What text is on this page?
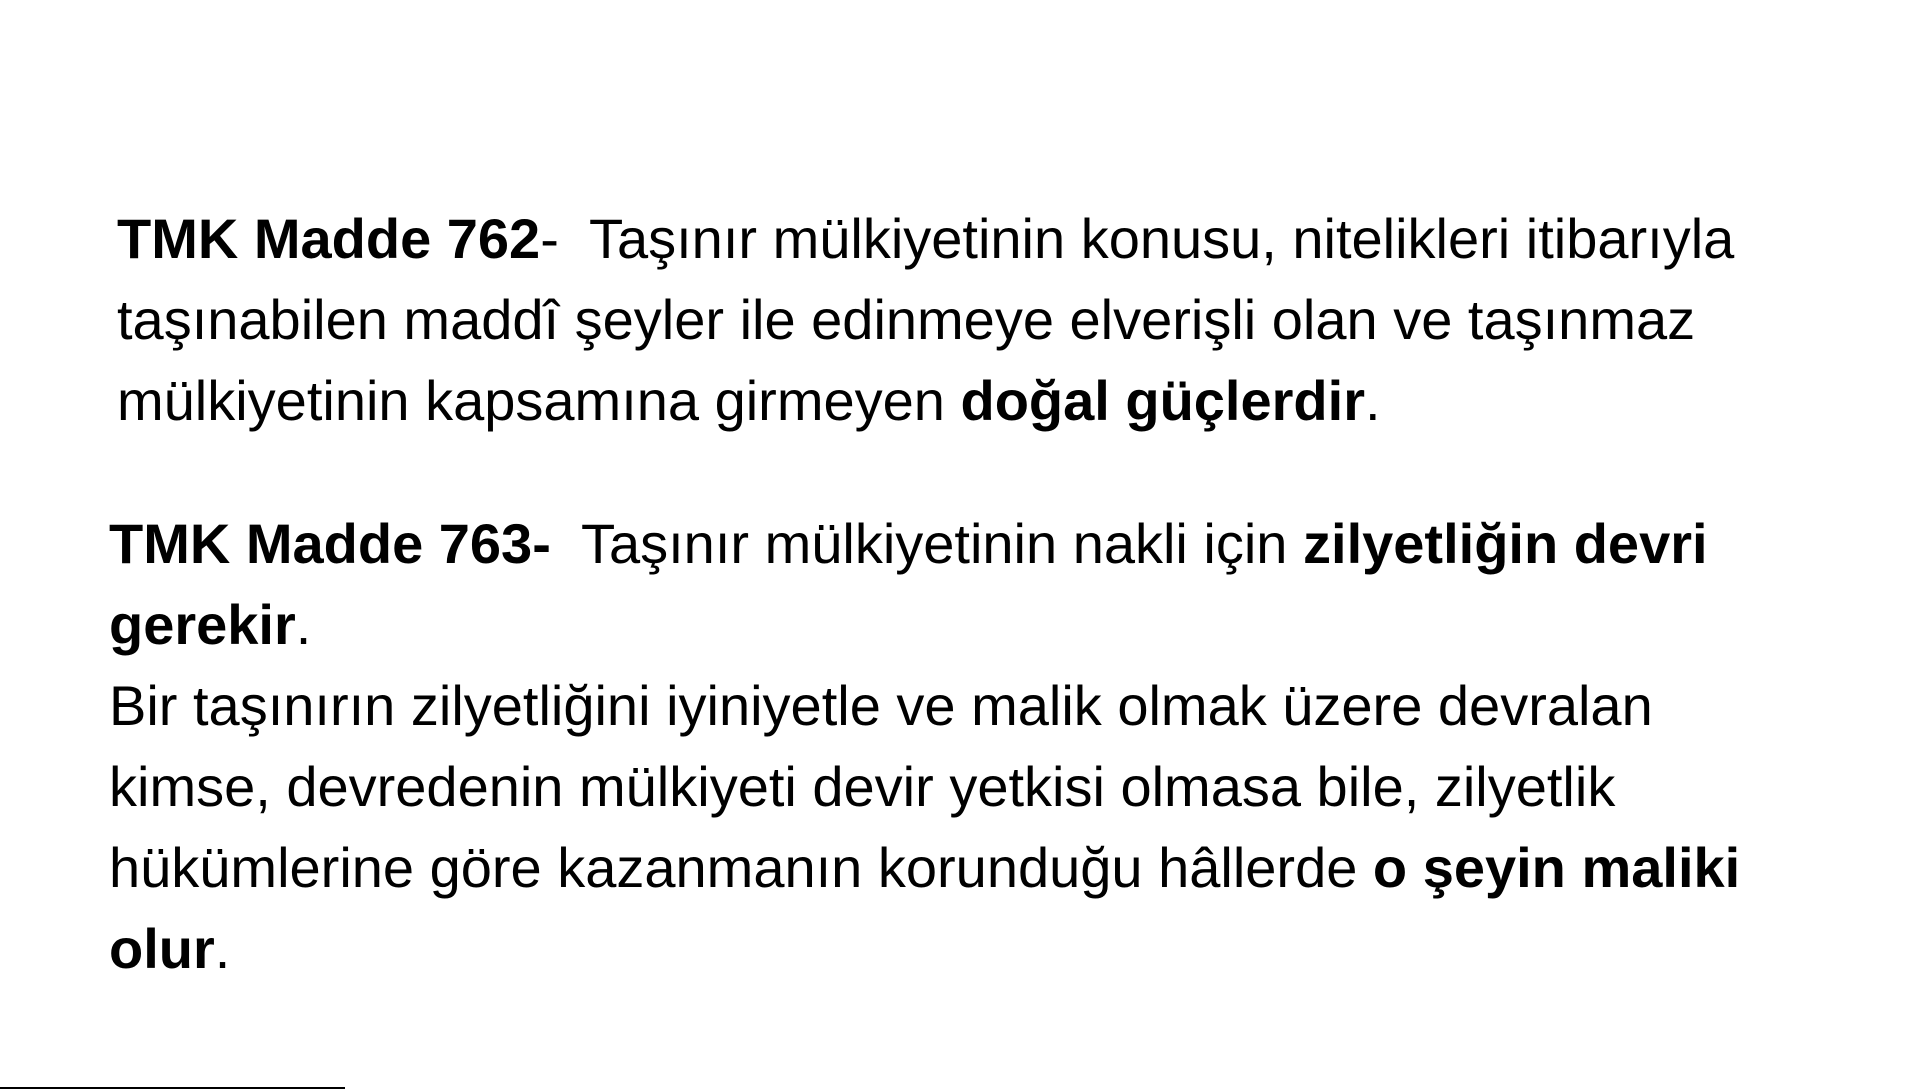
TMK Madde 762-  Taşınır mülkiyetinin konusu, nitelikleri itibarıyla
taşınabilen maddî şeyler ile edinmeye elverişli olan ve taşınmaz
mülkiyetinin kapsamına girmeyen doğal güçlerdir.

TMK Madde 763- Taşınır mülkiyetinin nakli için zilyetliğin devri
gerekir.
Bir taşınırın zilyetliğini iyiniyetle ve malik olmak üzere devralan
kimse, devredenin mülkiyeti devir yetkisi olmasa bile, zilyetlik
hükümlerine göre kazanmanın korunduğu hâllerde o şeyin maliki
olur.
